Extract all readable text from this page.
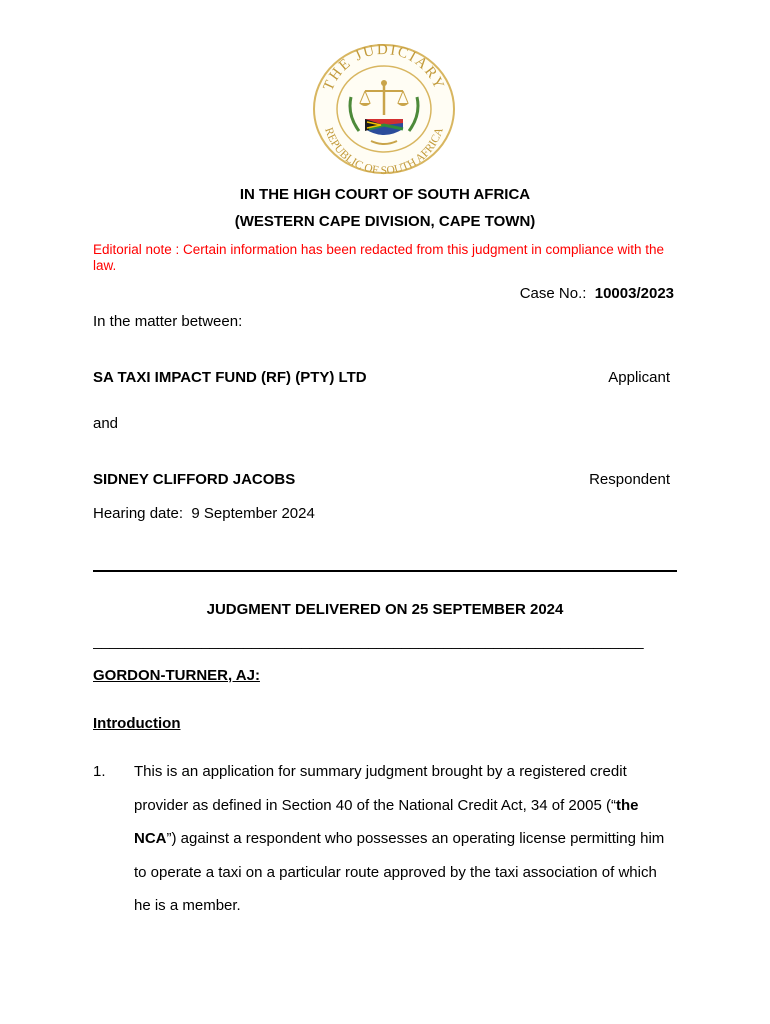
THE JUDICIARY
REPUBLIC OF SOUTH AFRICA
IN THE HIGH COURT OF SOUTH AFRICA
(WESTERN CAPE DIVISION, CAPE TOWN)
Editorial note : Certain information has been redacted from this judgment in compliance with the law.
Case No.: 10003/2023
In the matter between:
SA TAXI IMPACT FUND (RF) (PTY) LTD	Applicant
and
SIDNEY CLIFFORD JACOBS	Respondent
Hearing date: 9 September 2024
JUDGMENT DELIVERED ON 25 SEPTEMBER 2024
__________________________________________________________________
GORDON-TURNER, AJ:
Introduction
1. This is an application for summary judgment brought by a registered credit provider as defined in Section 40 of the National Credit Act, 34 of 2005 (“the NCA”) against a respondent who possesses an operating license permitting him to operate a taxi on a particular route approved by the taxi association of which he is a member.
